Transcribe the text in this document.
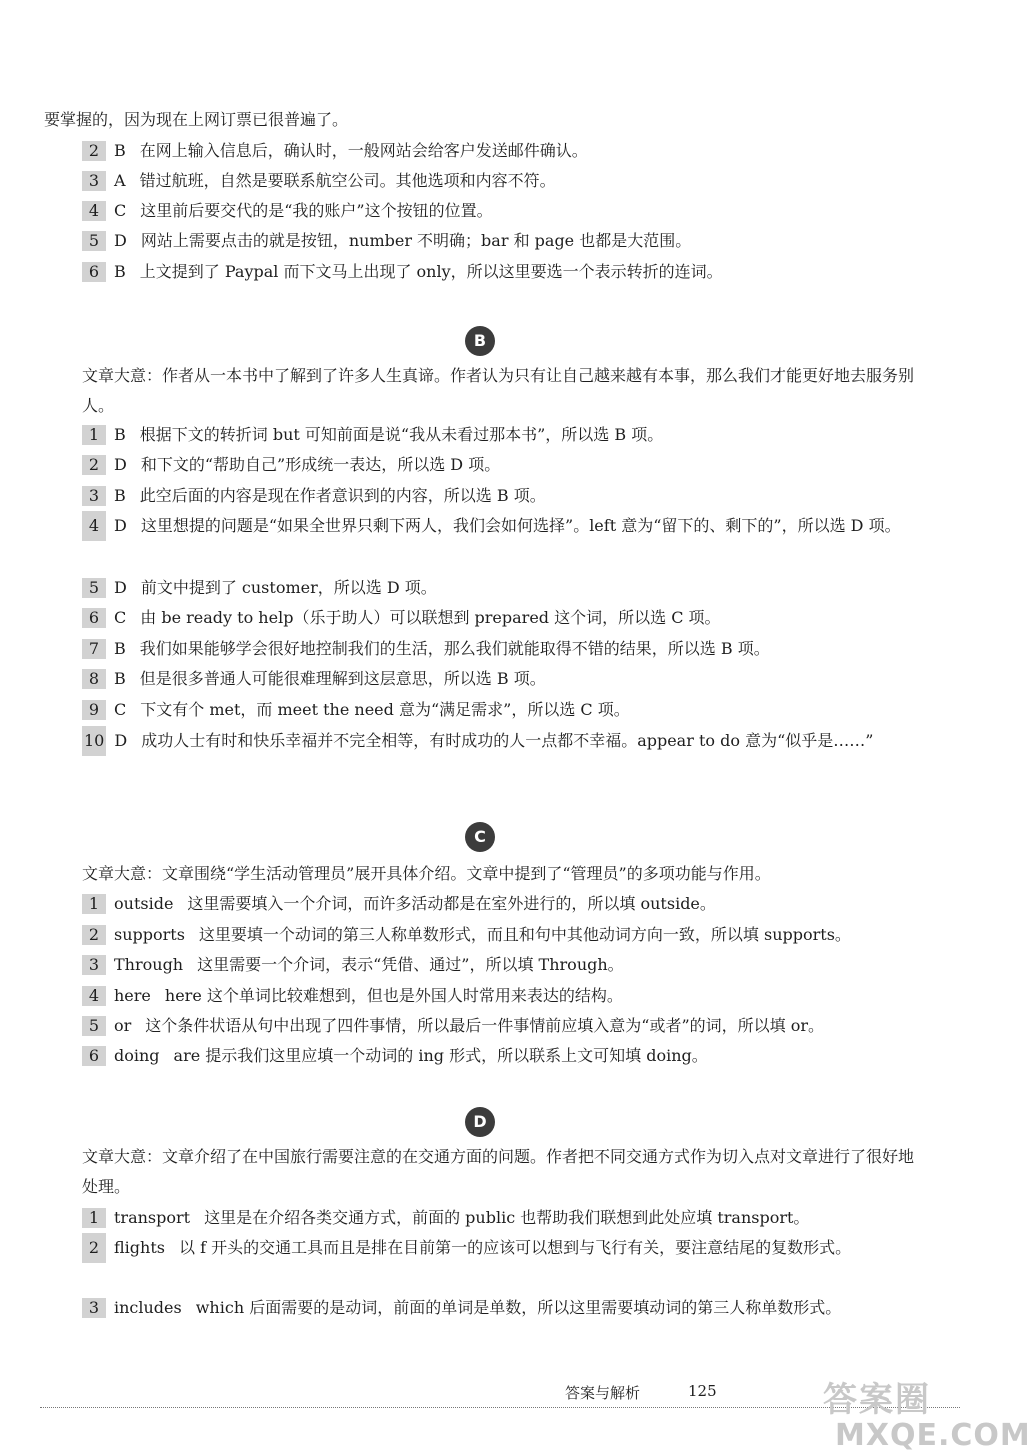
要掌握的，因为现在上网订票已很普遍了。
2 B 在网上输入信息后，确认时，一般网站会给客户发送邮件确认。
3 A 错过航班，自然是要联系航空公司。其他选项和内容不符。
4 C 这里前后要交代的是“我的账户”这个按钮的位置。
5 D 网站上需要点击的就是按钮，number 不明确；bar 和 page 也都是大范围。
6 B 上文提到了 Paypal 而下文马上出现了 only，所以这里要选一个表示转折的连词。
B
文章大意：作者从一本书中了解到了许多人生真谛。作者认为只有让自己越来越有本事，那么我们才能更好地去服务别人。
1 B 根据下文的转折词 but 可知前面是说“我从未看过那本书”，所以选 B 项。
2 D 和下文的“帮助自己”形成统一表达，所以选 D 项。
3 B 此空后面的内容是现在作者意识到的内容，所以选 B 项。
4 D 这里想提的问题是“如果全世界只剩下两人，我们会如何选择”。left 意为“留下的、剩下的”，所以选 D 项。
5 D 前文中提到了 customer，所以选 D 项。
6 C 由 be ready to help（乐于助人）可以联想到 prepared 这个词，所以选 C 项。
7 B 我们如果能够学会很好地控制我们的生活，那么我们就能取得不错的结果，所以选 B 项。
8 B 但是很多普通人可能很难理解到这层意思，所以选 B 项。
9 C 下文有个 met，而 meet the need 意为“满足需求”，所以选 C 项。
10 D 成功人士有时和快乐幸福并不完全相等，有时成功的人一点都不幸福。appear to do 意为“似乎是……”
C
文章大意：文章围绕“学生活动管理员”展开具体介绍。文章中提到了“管理员”的多项功能与作用。
1 outside 这里需要填入一个介词，而许多活动都是在室外进行的，所以填 outside。
2 supports 这里要填一个动词的第三人称单数形式，而且和句中其他动词方向一致，所以填 supports。
3 Through 这里需要一个介词，表示“凭借、通过”，所以填 Through。
4 here here 这个单词比较难想到，但也是外国人时常用来表达的结构。
5 or 这个条件状语从句中出现了四件事情，所以最后一件事情前应填入意为“或者”的词，所以填 or。
6 doing are 提示我们这里应填一个动词的 ing 形式，所以联系上文可知填 doing。
D
文章大意：文章介绍了在中国旅行需要注意的在交通方面的问题。作者把不同交通方式作为切入点对文章进行了很好地处理。
1 transport 这里是在介绍各类交通方式，前面的 public 也帮助我们联想到此处应填 transport。
2 flights 以 f 开头的交通工具而且是排在目前第一的应该可以想到与飞行有关，要注意结尾的复数形式。
3 includes which 后面需要的是动词，前面的单词是单数，所以这里需要填动词的第三人称单数形式。
答案与解析	125	答案圈
MXQE.COM
